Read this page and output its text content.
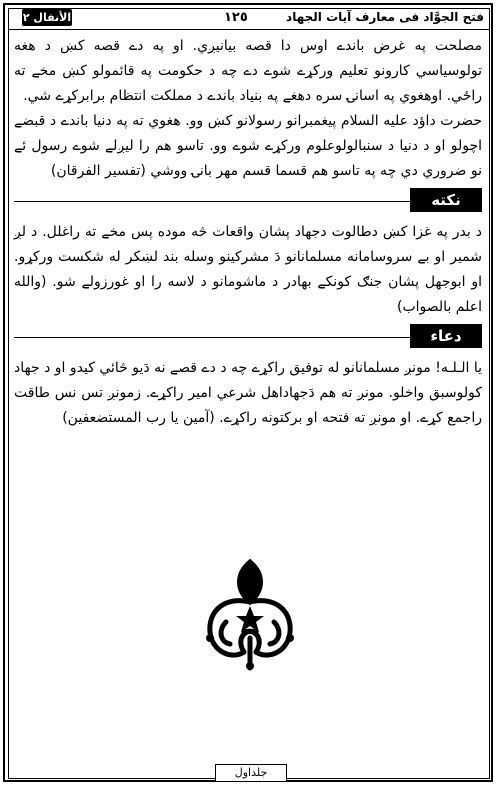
فتح الجوَّاد فى معارف آيات الجهاد
١٢٥
الأنفال ٢

مصلحت په غرض باندے اوس دا قصه بيانيږي. او په دے قصه كښ د هغه تولوسياسي كارونو تعليم وركړے شوے دے چه د حكومت په قائمولو كښ مخے ته راځي. اوهغوي په اسانۍ سره دهغے په بنياد باندے د مملكت انتظام برابركړے شي.

حضرت داؤد عليه السلام پيغمبرانو رسولانو كښ وو. هغوي ته په دنيا باندے د قبضے اچولو او د دنيا د سنبالولوعلوم وركړے شوے وو. تاسو هم را ليږلے شوے رسول ئے نو ضروري دي چه په تاسو هم قسما قسم مهر بانۍ ووشي (تفسير الفرقان)

نكته

د بدر په غزا كښ دطالوت دجهاد پشان واقعات څه موده پس مخے ته راغلل. د لږ شمير او بے سروسامانه مسلمانانو دَ مشركينو وسله بند لښكر له شكست وركړو. او ابوجهل پشان جنګ كونكے بهادر د ماشومانو د لاسه را او غورزولے شو. (والله اعلم بالصواب)

دعاء

يا الـلـه! مونږ مسلمانانو له توفيق راكړے چه د دے قصے نه دَيو څائي كيدو او د جهاد كولوسبق واخلو. مونږ ته هم دَجهاداهل شرعي امير راكړے. زمونږ تس نس طاقت راجمع كړے. او مونږ ته فتحه او بركتونه راكړے. (آمين يا رب المستضعفين)

جلداول
